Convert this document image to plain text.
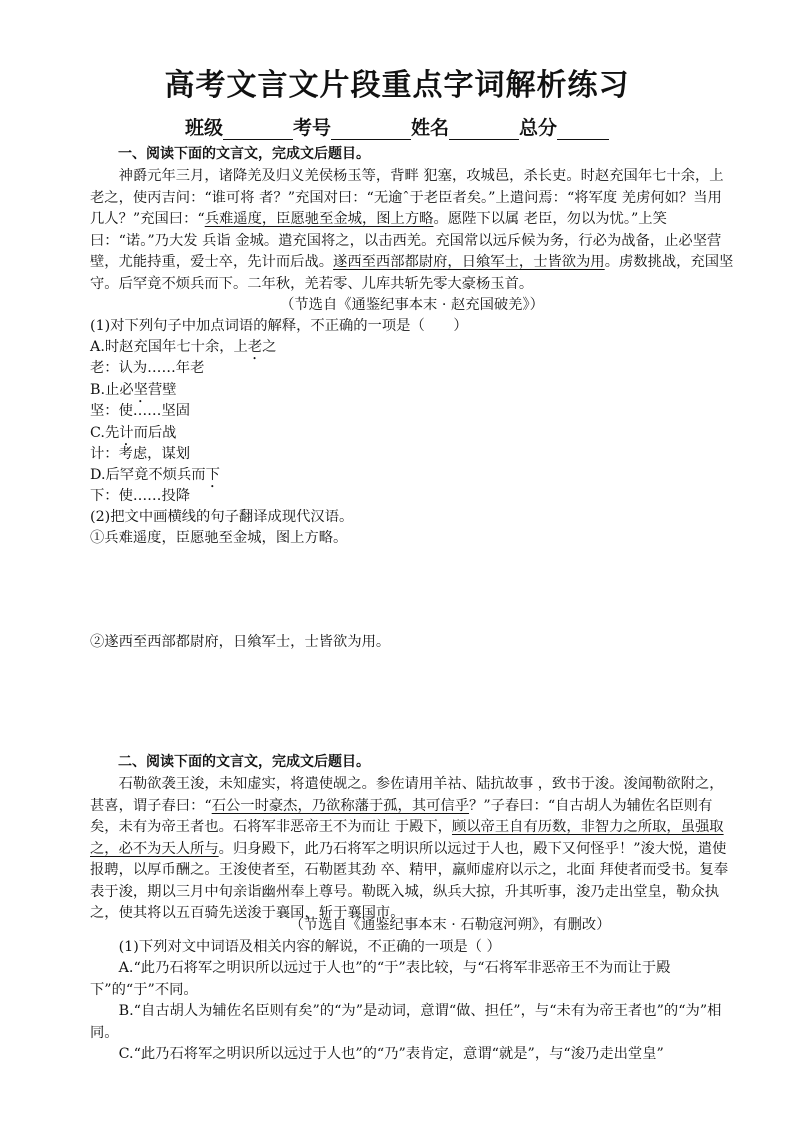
高考文言文片段重点字词解析练习
班级	考号	姓名	总分
一、阅读下面的文言文，完成文后题目。
神爵元年三月，诸降羌及归义羌侯杨玉等，背畔 犯塞，攻城邑，杀长吏。时赵充国年七十余，上老之，使丙吉问：“谁可将 者？”充国对曰：“无逾ˆ于老臣者矣。”上遣问焉：“将军度 羌虏何如？当用几人？”充国曰：“兵难遥度，臣愿驰至金城，图上方略。愿陛下以属 老臣，勿以为忧。”上笑曰：“诺。”乃大发 兵诣 金城。遣充国将之，以击西羌。充国常以远斥候为务，行必为战备，止必坚营壁，尤能持重，爱士卒，先计而后战。遂西至西部都尉府，日飨军士，士皆欲为用。虏数挑战，充国坚守。后罕竟不烦兵而下。二年秋，羌若零、儿库共斩先零大豪杨玉首。
（节选自《通鉴纪事本末 · 赵充国破羌》）
(1)对下列句子中加点词语的解释，不正确的一项是（　　）
A.时赵充国年七十余，上老之
老：认为……年老
B.止必坚营壁
坚：使……坚固
C.先计而后战
计：考虑，谋划
D.后罕竟不烦兵而下
下：使……投降
(2)把文中画横线的句子翻译成现代汉语。
①兵难遥度，臣愿驰至金城，图上方略。
②遂西至西部都尉府，日飨军士，士皆欲为用。
二、阅读下面的文言文，完成文后题目。
石勒欲袭王浚，未知虚实，将遣使觇之。参佐请用羊祜、陆抗故事 ，致书于浚。浚闻勒欲附之，甚喜，谓子春曰：“石公一时豪杰，乃欲称藩于孤，其可信乎？”子春曰：“自古胡人为辅佐名臣则有矣，未有为帝王者也。石将军非恶帝王不为而让 于殿下，顾以帝王自有历数，非智力之所取，虽强取之，必不为天人所与。归身殿下，此乃石将军之明识所以远过于人也，殿下又何怪乎！”浚大悦，遣使报聘，以厚币酬之。王浚使者至，石勒匿其劲 卒、精甲，羸师虚府以示之，北面 拜使者而受书。复奉表于浚，期以三月中旬亲诣幽州奉上尊号。勒既入城，纵兵大掠，升其听事，浚乃走出堂皇，勒众执之，使其将以五百骑先送浚于襄国，斩于襄国市。
（节选自《通鉴纪事本末 · 石勒寇河朔》，有删改）
(1)下列对文中词语及相关内容的解说，不正确的一项是（ ）
A.“此乃石将军之明识所以远过于人也”的“于”表比较，与“石将军非恶帝王不为而让于殿下”的“于”不同。
B.“自古胡人为辅佐名臣则有矣”的“为”是动词，意谓“做、担任”，与“未有为帝王者也”的“为”相同。
C.“此乃石将军之明识所以远过于人也”的“乃”表肯定，意谓“就是”，与“浚乃走出堂皇”
